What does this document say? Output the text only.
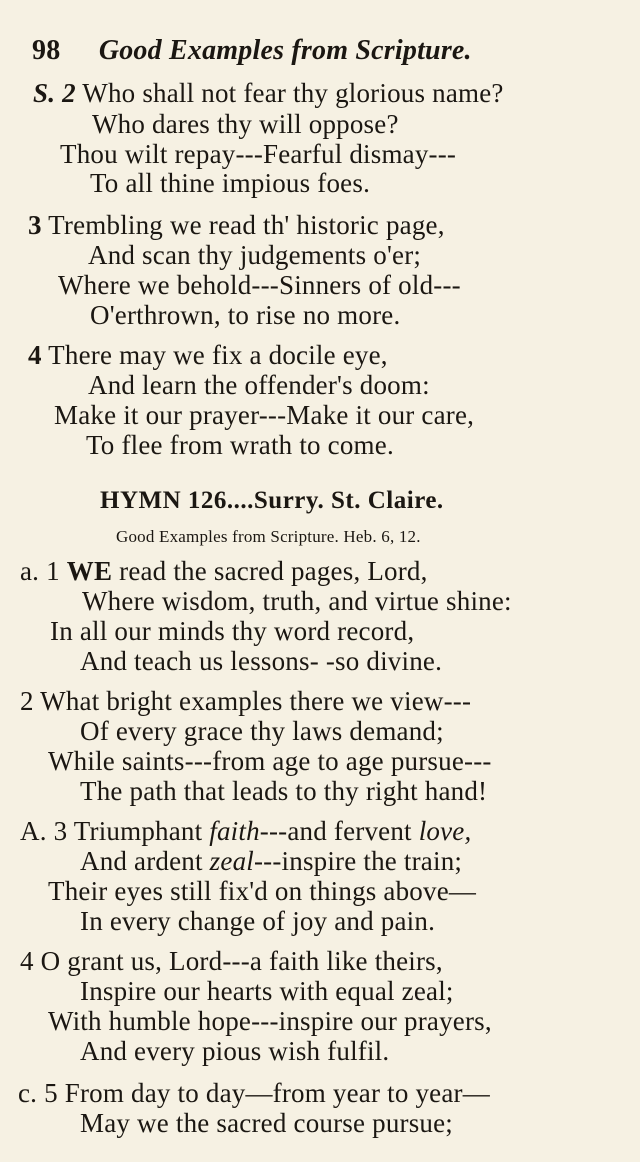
98 Good Examples from Scripture.
S. 2 Who shall not fear thy glorious name?
Who dares thy will oppose?
Thou wilt repay---Fearful dismay---
To all thine impious foes.
3 Trembling we read th' historic page,
And scan thy judgements o'er;
Where we behold---Sinners of old---
O'erthrown, to rise no more.
4 There may we fix a docile eye,
And learn the offender's doom:
Make it our prayer---Make it our care,
To flee from wrath to come.
HYMN 126....Surry. St. Claire.
Good Examples from Scripture. Heb. 6, 12.
a. 1 WE read the sacred pages, Lord,
Where wisdom, truth, and virtue shine:
In all our minds thy word record,
And teach us lessons- -so divine.
2 What bright examples there we view---
Of every grace thy laws demand;
While saints---from age to age pursue---
The path that leads to thy right hand!
A. 3 Triumphant faith---and fervent love,
And ardent zeal---inspire the train;
Their eyes still fix'd on things above—
In every change of joy and pain.
4 O grant us, Lord---a faith like theirs,
Inspire our hearts with equal zeal;
With humble hope---inspire our prayers,
And every pious wish fulfil.
c. 5 From day to day—from year to year—
May we the sacred course pursue;
